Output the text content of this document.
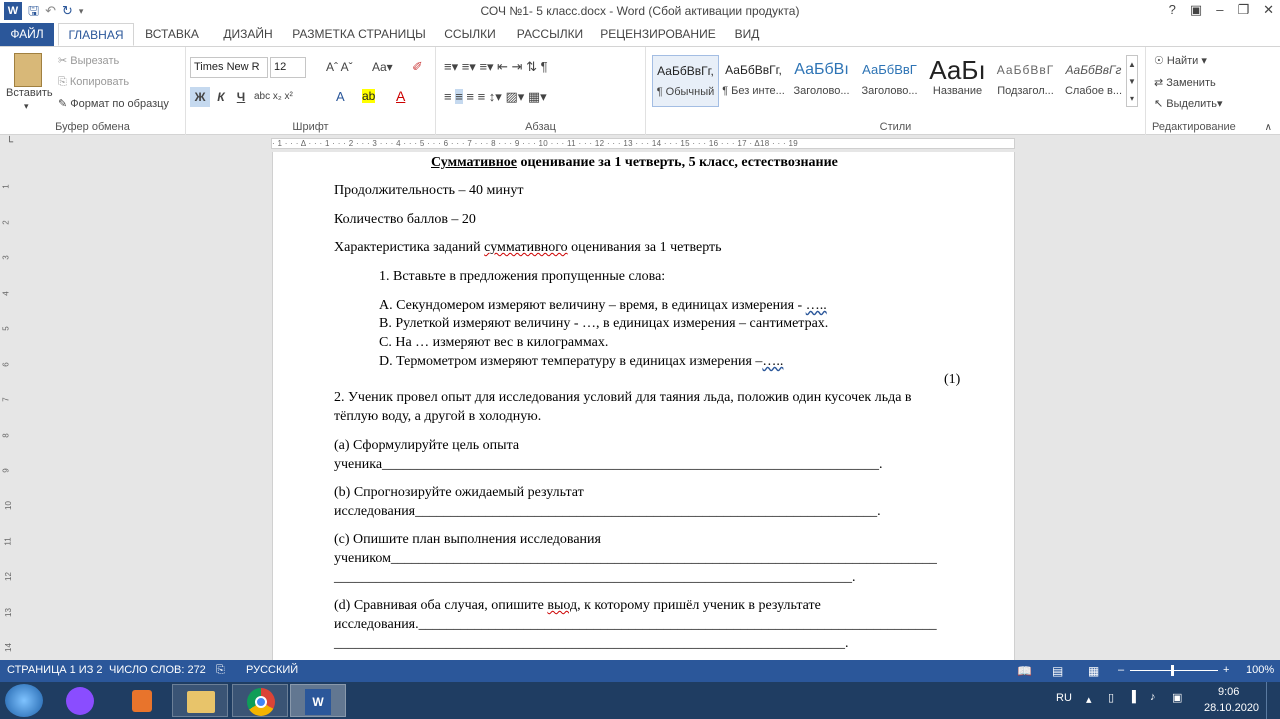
W 🖫 ↶ ↻ ▾	СОЧ №1- 5 класс.docx - Word (Сбой активации продукта)	? ▣ – ❐ ✕
ФАЙЛ	ГЛАВНАЯ	ВСТАВКА	ДИЗАЙН	РАЗМЕТКА СТРАНИЦЫ	ССЫЛКИ	РАССЫЛКИ РЕЦЕНЗИРОВАНИЕ	ВИД
Вставить
▾
✂ Вырезать
⎘ Копировать
✎ Формат по образцу
Буфер обмена
Times New R	12	Aˆ Aˇ Aa▾ ✐
Ж К	Ч abc x₂ x²	A ab A
Шрифт
≡▾ ≡▾ ≡▾ ⇤ ⇥ ⇅ ¶
≡ ≡ ≡ ≡ ↕▾ ▨▾ ▦▾
Абзац
АаБбВвГг,
¶ Обычный
АаБбВвГг,
¶ Без инте...
АаБбВı
Заголово...
АаБбВвГ
Заголово...
АаБı
Название
АаБбВвГ
Подзагол...
АаБбВвГг
Слабое в...
▲
▼
▾
Стили
☉ Найти ▾
⇄ Заменить
↖ Выделить▾
Редактирование	∧
└	· 1 · · · Δ · · · 1 · · · 2 · · · 3 · · · 4 · · · 5 · · · 6 · · · 7 · · · 8 · · · 9 · · · 10 · · · 11 · · · 12 · · · 13 · · · 14 · · · 15 · · · 16 · · · 17 · Δ18 · · · 19
1
2
3
4
5
6
7
8
9
10
11
12
13
14
Суммативное оценивание за 1 четверть, 5 класс, естествознание
Продолжительность – 40 минут
Количество баллов – 20
Характеристика заданий суммативного оценивания за 1 четверть
1. Вставьте в предложения пропущенные слова:
А. Секундомером измеряют величину – время, в единицах измерения - …..
В. Рулеткой измеряют величину - …, в единицах измерения – сантиметрах.
С. На … измеряют вес в килограммах.
D. Термометром измеряют температуру в единицах измерения –…..
(1)
2. Ученик провел опыт для исследования условий для таяния льда, положив один кусочек льда в
тёплую воду, а другой в холодную.
(a) Сформулируйте цель опыта
ученика_______________________________________________________________________.
(b) Спрогнозируйте ожидаемый результат
исследования__________________________________________________________________.
(с) Опишите план выполнения исследования
учеником______________________________________________________________________________
__________________________________________________________________________.
(d) Сравнивая оба случая, опишите выод, к которому пришёл ученик в результате
исследования.__________________________________________________________________________
_________________________________________________________________________.
СТРАНИЦА 1 ИЗ 2 ЧИСЛО СЛОВ: 272 ⎘ РУССКИЙ	📖 ▤ ▦ –	+ 100%
W	RU ▴ ▯ ▐ ♪ ▣	9:06
28.10.2020
